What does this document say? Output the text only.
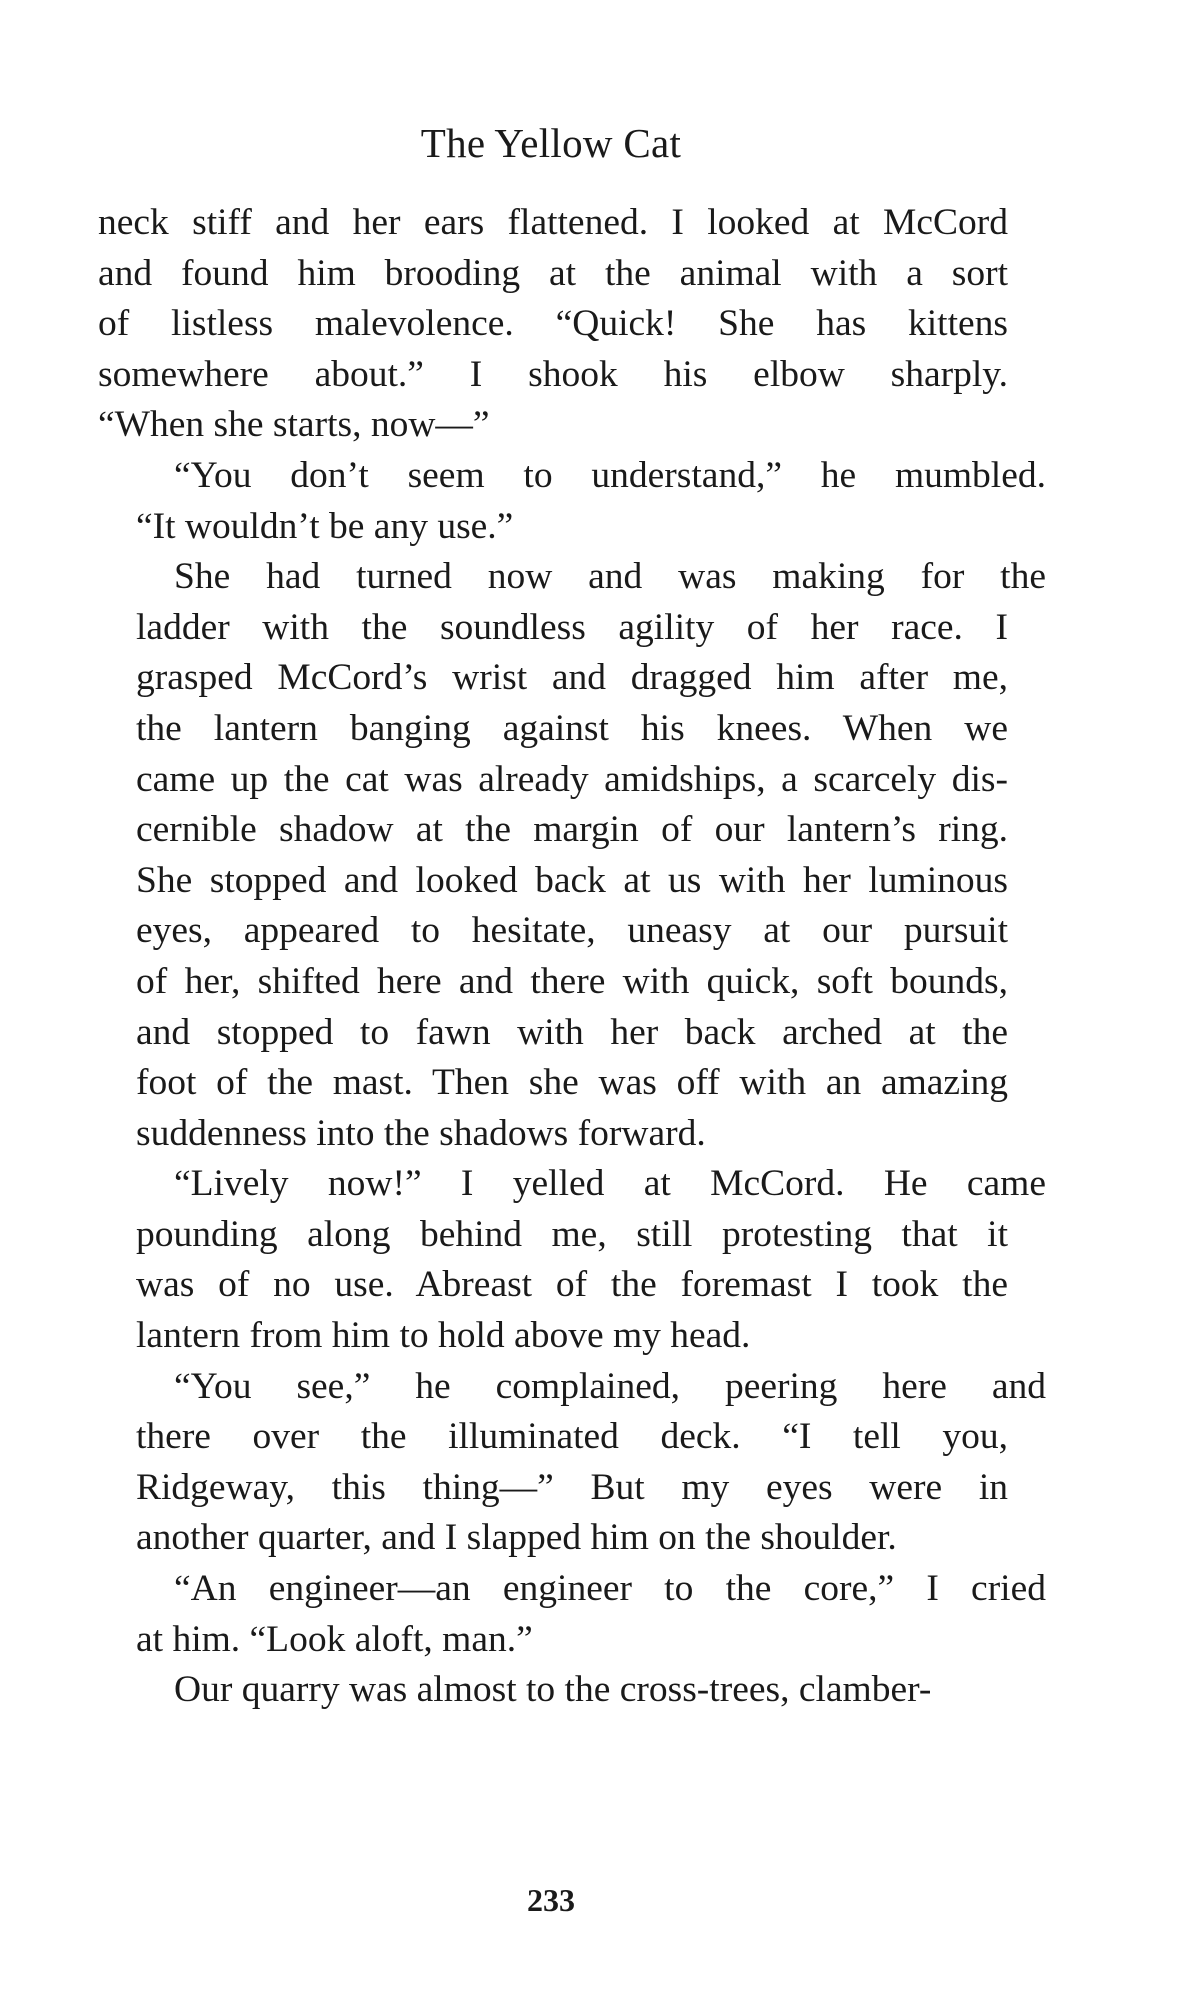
The Yellow Cat

neck stiff and her ears flattened. I looked at McCord and found him brooding at the animal with a sort of listless malevolence. “Quick! She has kittens somewhere about.” I shook his elbow sharply. “When she starts, now—”

“You don’t seem to understand,” he mumbled. “It wouldn’t be any use.”

She had turned now and was making for the ladder with the soundless agility of her race. I grasped McCord’s wrist and dragged him after me, the lantern banging against his knees. When we came up the cat was already amidships, a scarcely dis- cernible shadow at the margin of our lantern’s ring. She stopped and looked back at us with her luminous eyes, appeared to hesitate, uneasy at our pursuit of her, shifted here and there with quick, soft bounds, and stopped to fawn with her back arched at the foot of the mast. Then she was off with an amazing suddenness into the shadows forward.

“Lively now!” I yelled at McCord. He came pounding along behind me, still protesting that it was of no use. Abreast of the foremast I took the lantern from him to hold above my head.

“You see,” he complained, peering here and there over the illuminated deck. “I tell you, Ridgeway, this thing—” But my eyes were in another quarter, and I slapped him on the shoulder.

“An engineer—an engineer to the core,” I cried at him. “Look aloft, man.”

Our quarry was almost to the cross-trees, clamber-

233
